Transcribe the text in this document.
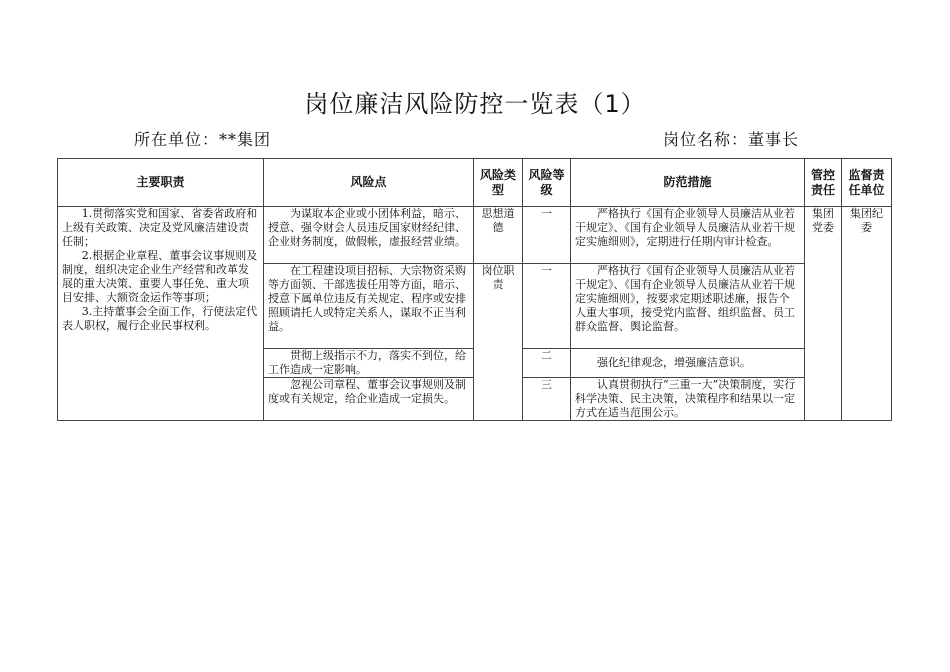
岗位廉洁风险防控一览表（1）
所在单位：**集团	岗位名称：董事长
主要职责	风险点	风险类型	风险等级	防范措施	管控责任	监督责任单位

1.贯彻落实党和国家、省委省政府和上级有关政策、决定及党风廉洁建设责任制；

2.根据企业章程、董事会议事规则及制度，组织决定企业生产经营和改革发展的重大决策、重要人事任免、重大项目安排、大额资金运作等事项；

3.主持董事会全面工作，行使法定代表人职权，履行企业民事权利。	为谋取本企业或小团体利益，暗示、授意、强令财会人员违反国家财经纪律、企业财务制度，做假帐，虚报经营业绩。	思想道德	一	严格执行《国有企业领导人员廉洁从业若干规定》、《国有企业领导人员廉洁从业若干规定实施细则》，定期进行任期内审计检查。	集团党委	集团纪委

	在工程建设项目招标、大宗物资采购等方面领、干部选拔任用等方面，暗示、授意下属单位违反有关规定、程序或安排照顾请托人或特定关系人，谋取不正当利益。	岗位职责	一	严格执行《国有企业领导人员廉洁从业若干规定》、《国有企业领导人员廉洁从业若干规定实施细则》，按要求定期述职述廉，报告个人重大事项，接受党内监督、组织监督、员工群众监督、舆论监督。		

	贯彻上级指示不力，落实不到位，给工作造成一定影响。		二	强化纪律观念，增强廉洁意识。		

	忽视公司章程、董事会议事规则及制度或有关规定，给企业造成一定损失。		三	认真贯彻执行“三重一大”决策制度，实行科学决策、民主决策，决策程序和结果以一定方式在适当范围公示。		
